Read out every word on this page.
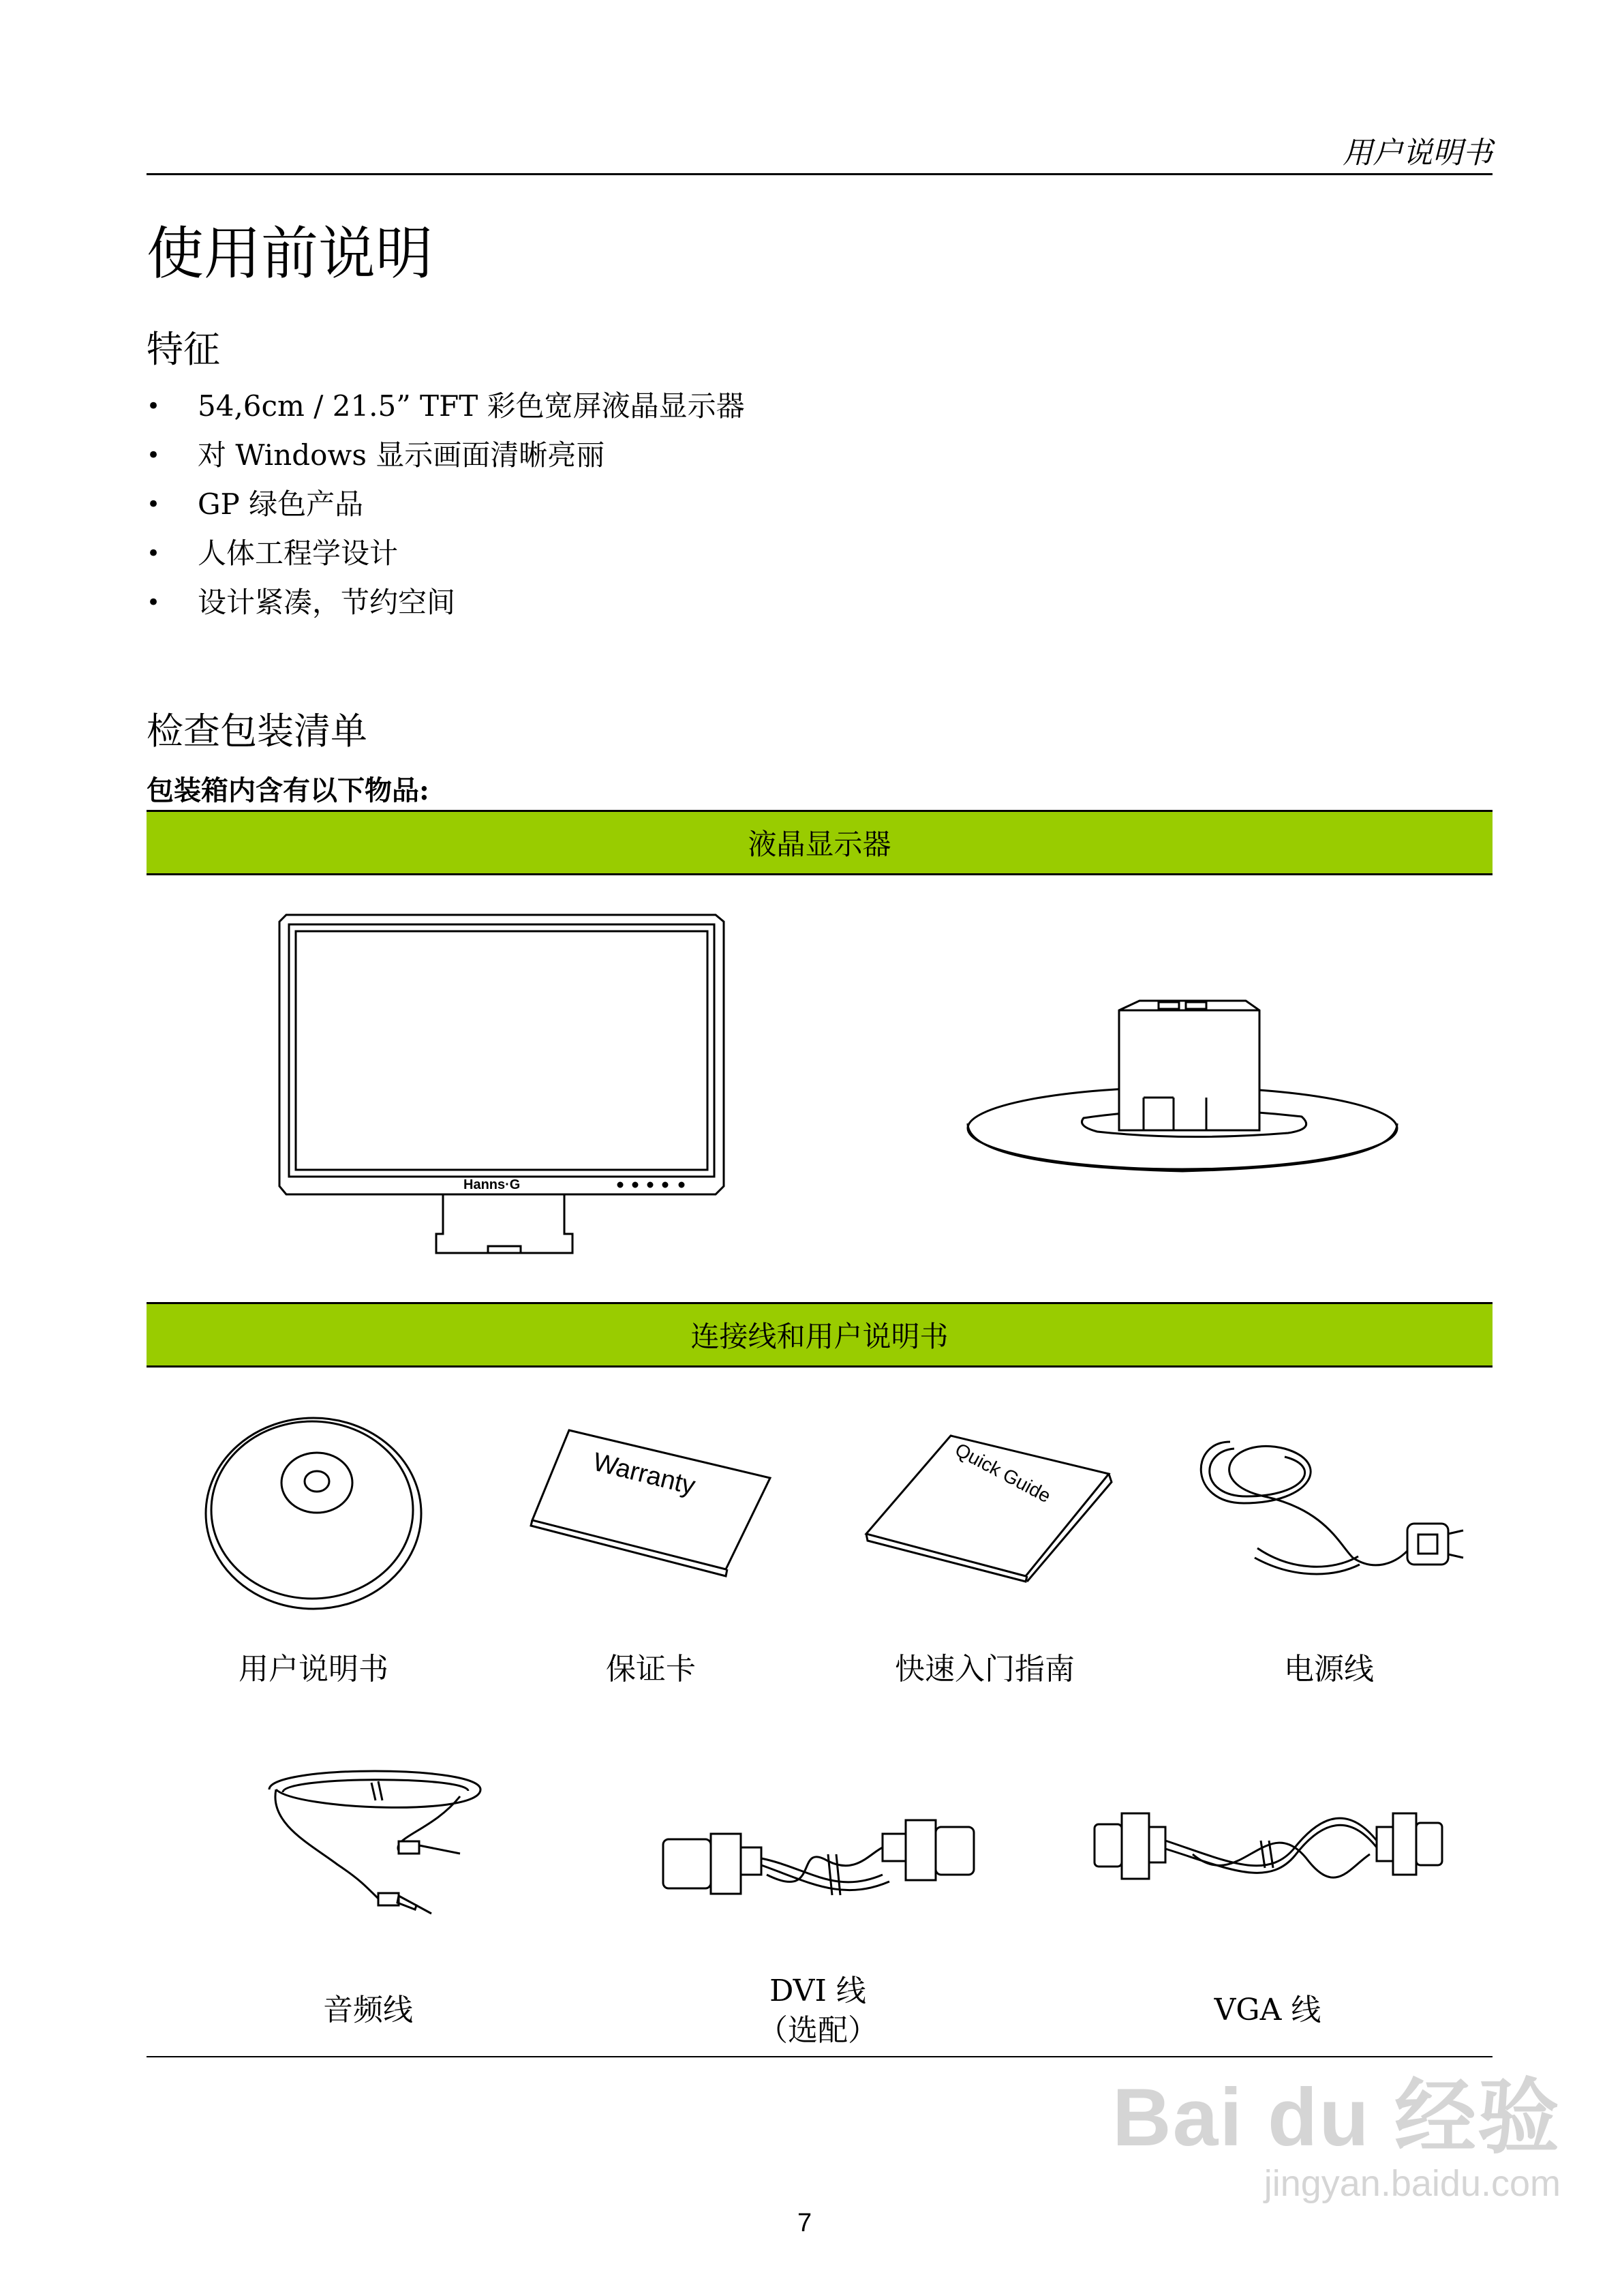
用户说明书
使用前说明
特征
• 54,6cm / 21.5” TFT 彩色宽屏液晶显示器
• 对 Windows 显示画面清晰亮丽
• GP 绿色产品
• 人体工程学设计
• 设计紧凑，节约空间
检查包装清单
包装箱内含有以下物品:
液晶显示器
Hanns·G
连接线和用户说明书
Warranty	Quick Guide
用户说明书	保证卡	快速入门指南	电源线
音频线
DVI 线
（选配）
VGA 线
7
Bai du 经验
jingyan.baidu.com
